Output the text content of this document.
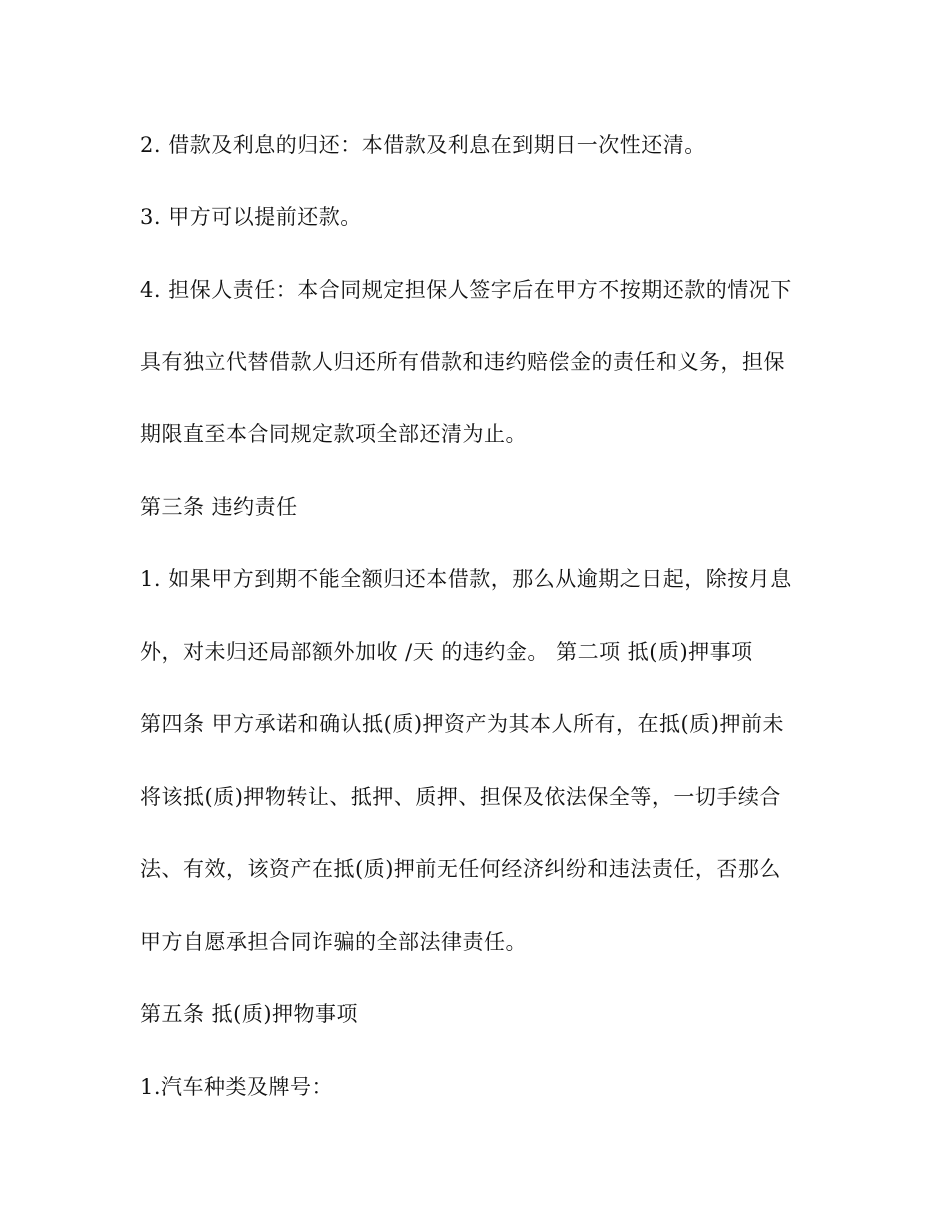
2. 借款及利息的归还：本借款及利息在到期日一次性还清。
3. 甲方可以提前还款。
4. 担保人责任：本合同规定担保人签字后在甲方不按期还款的情况下
具有独立代替借款人归还所有借款和违约赔偿金的责任和义务，担保
期限直至本合同规定款项全部还清为止。
第三条 违约责任
1. 如果甲方到期不能全额归还本借款，那么从逾期之日起，除按月息
外，对未归还局部额外加收 /天 的违约金。 第二项 抵(质)押事项
第四条 甲方承诺和确认抵(质)押资产为其本人所有，在抵(质)押前未
将该抵(质)押物转让、抵押、质押、担保及依法保全等，一切手续合
法、有效，该资产在抵(质)押前无任何经济纠纷和违法责任，否那么
甲方自愿承担合同诈骗的全部法律责任。
第五条 抵(质)押物事项
1.汽车种类及牌号：
